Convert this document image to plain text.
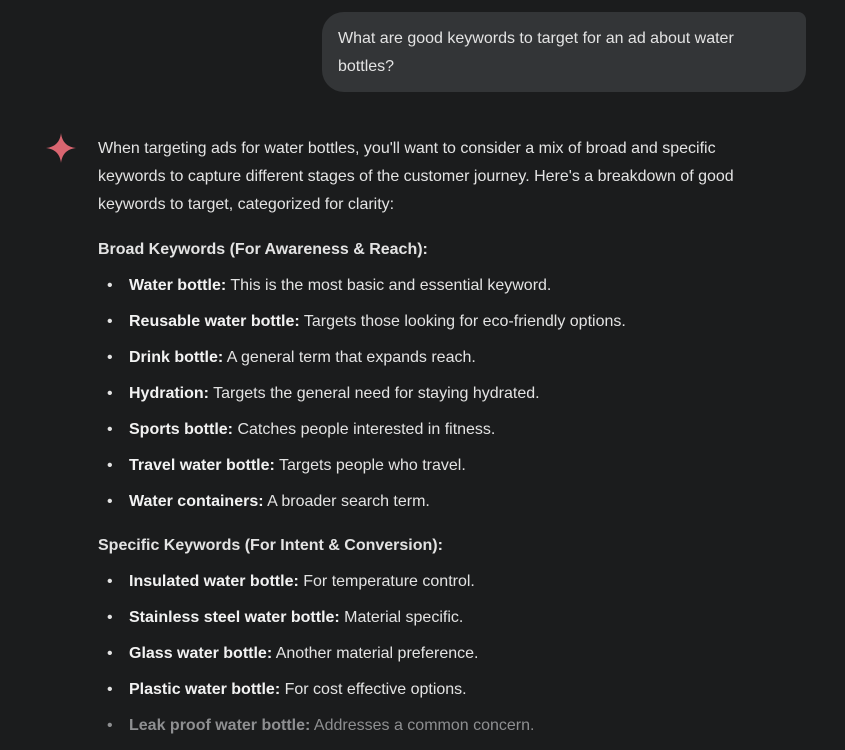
What are good keywords to target for an ad about water
bottles?

When targeting ads for water bottles, you'll want to consider a mix of broad and specific keywords to capture different stages of the customer journey. Here's a breakdown of good keywords to target, categorized for clarity:

Broad Keywords (For Awareness & Reach):

• Water bottle: This is the most basic and essential keyword.
• Reusable water bottle: Targets those looking for eco-friendly options.
• Drink bottle: A general term that expands reach.
• Hydration: Targets the general need for staying hydrated.
• Sports bottle: Catches people interested in fitness.
• Travel water bottle: Targets people who travel.
• Water containers: A broader search term.

Specific Keywords (For Intent & Conversion):

• Insulated water bottle: For temperature control.
• Stainless steel water bottle: Material specific.
• Glass water bottle: Another material preference.
• Plastic water bottle: For cost effective options.
• Leak proof water bottle: Addresses a common concern.
